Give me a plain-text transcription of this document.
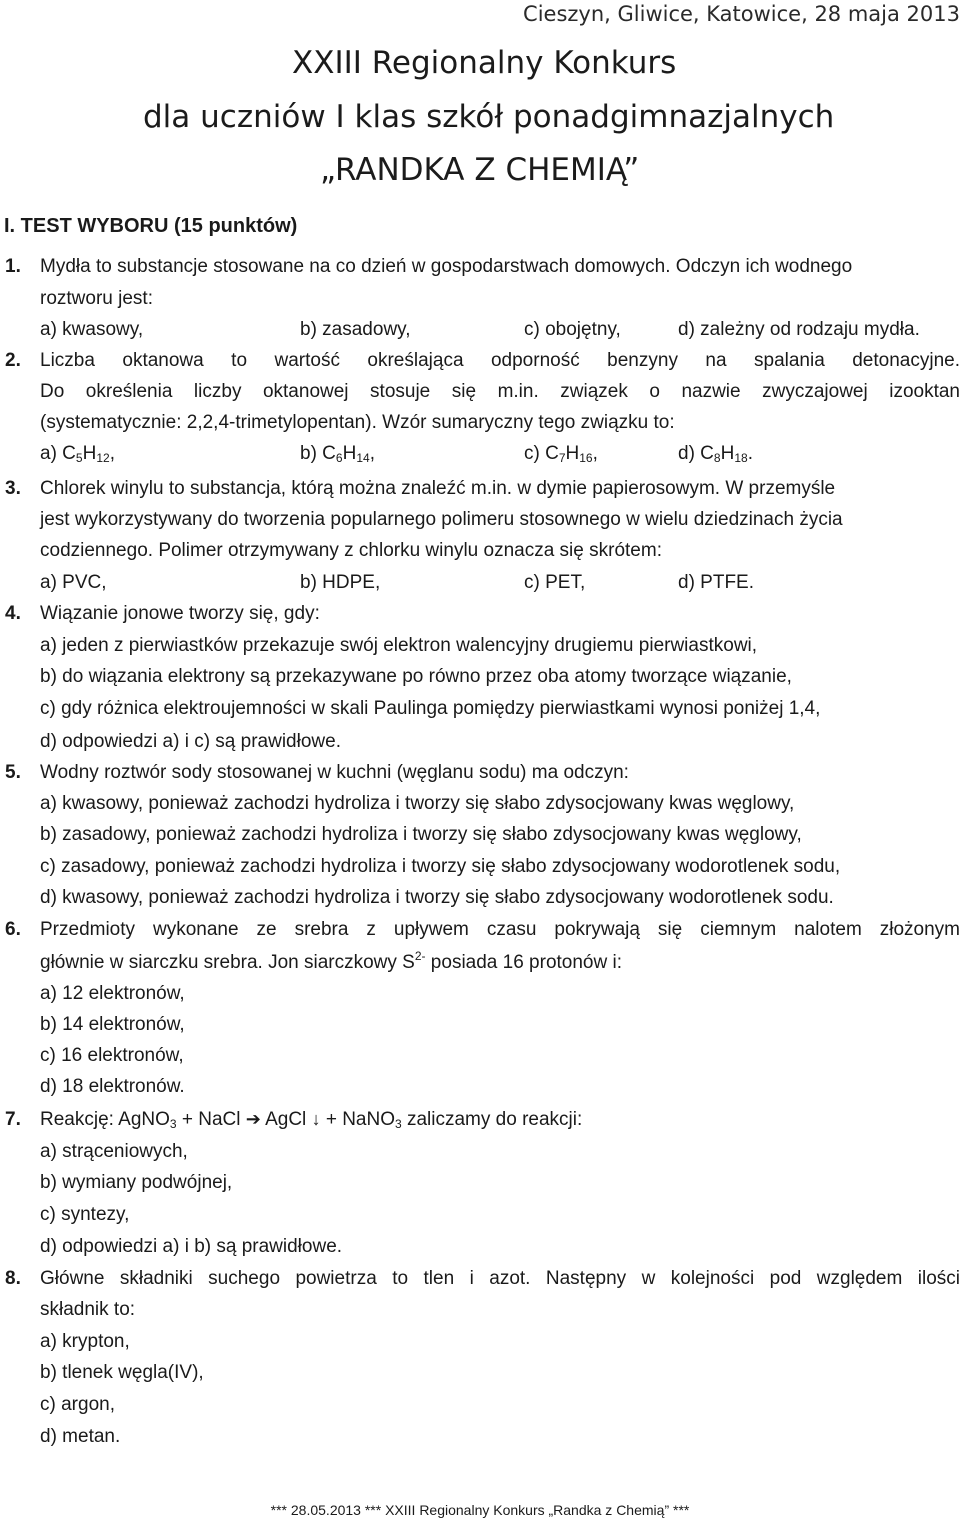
Cieszyn, Gliwice, Katowice, 28 maja 2013
XXIII Regionalny Konkurs
dla uczniów I klas szkół ponadgimnazjalnych
„RANDKA Z CHEMIĄ”
I. TEST WYBORU (15 punktów)
1.	Mydła to substancje stosowane na co dzień w gospodarstwach domowych. Odczyn ich wodnego
roztworu jest:
a) kwasowy,	b) zasadowy,	c) obojętny,	d) zależny od rodzaju mydła.
2.	Liczba oktanowa to wartość określająca odporność benzyny na spalania detonacyjne.
Do określenia liczby oktanowej stosuje się m.in. związek o nazwie zwyczajowej izooktan
(systematycznie: 2,2,4-trimetylopentan). Wzór sumaryczny tego związku to:
a) $C_5H_{12}$,	b) $C_6H_{14}$,	c) $C_7H_{16}$,	d) $C_8H_{18}$.
3.	Chlorek winylu to substancja, którą można znaleźć m.in. w dymie papierosowym. W przemyśle
jest wykorzystywany do tworzenia popularnego polimeru stosownego w wielu dziedzinach życia
codziennego. Polimer otrzymywany z chlorku winylu oznacza się skrótem:
a) PVC,	b) HDPE,	c) PET,	d) PTFE.
4.	Wiązanie jonowe tworzy się, gdy:
a) jeden z pierwiastków przekazuje swój elektron walencyjny drugiemu pierwiastkowi,
b) do wiązania elektrony są przekazywane po równo przez oba atomy tworzące wiązanie,
c) gdy różnica elektroujemności w skali Paulinga pomiędzy pierwiastkami wynosi poniżej 1,4,
d) odpowiedzi a) i c) są prawidłowe.
5.	Wodny roztwór sody stosowanej w kuchni (węglanu sodu) ma odczyn:
a) kwasowy, ponieważ zachodzi hydroliza i tworzy się słabo zdysocjowany kwas węglowy,
b) zasadowy, ponieważ zachodzi hydroliza i tworzy się słabo zdysocjowany kwas węglowy,
c) zasadowy, ponieważ zachodzi hydroliza i tworzy się słabo zdysocjowany wodorotlenek sodu,
d) kwasowy, ponieważ zachodzi hydroliza i tworzy się słabo zdysocjowany wodorotlenek sodu.
6.	Przedmioty wykonane ze srebra z upływem czasu pokrywają się ciemnym nalotem złożonym
głównie w siarczku srebra. Jon siarczkowy $S^{2-}$ posiada 16 protonów i:
a) 12 elektronów,
b) 14 elektronów,
c) 16 elektronów,
d) 18 elektronów.
7.	Reakcję: AgNO$_3$ + NaCl ➔ AgCl ↓ + NaNO$_3$ zaliczamy do reakcji:
a) strąceniowych,
b) wymiany podwójnej,
c) syntezy,
d) odpowiedzi a) i b) są prawidłowe.
8.	Główne składniki suchego powietrza to tlen i azot. Następny w kolejności pod względem ilości
składnik to:
a) krypton,
b) tlenek węgla(IV),
c) argon,
d) metan.
*** 28.05.2013 *** XXIII Regionalny Konkurs „Randka z Chemią” ***
